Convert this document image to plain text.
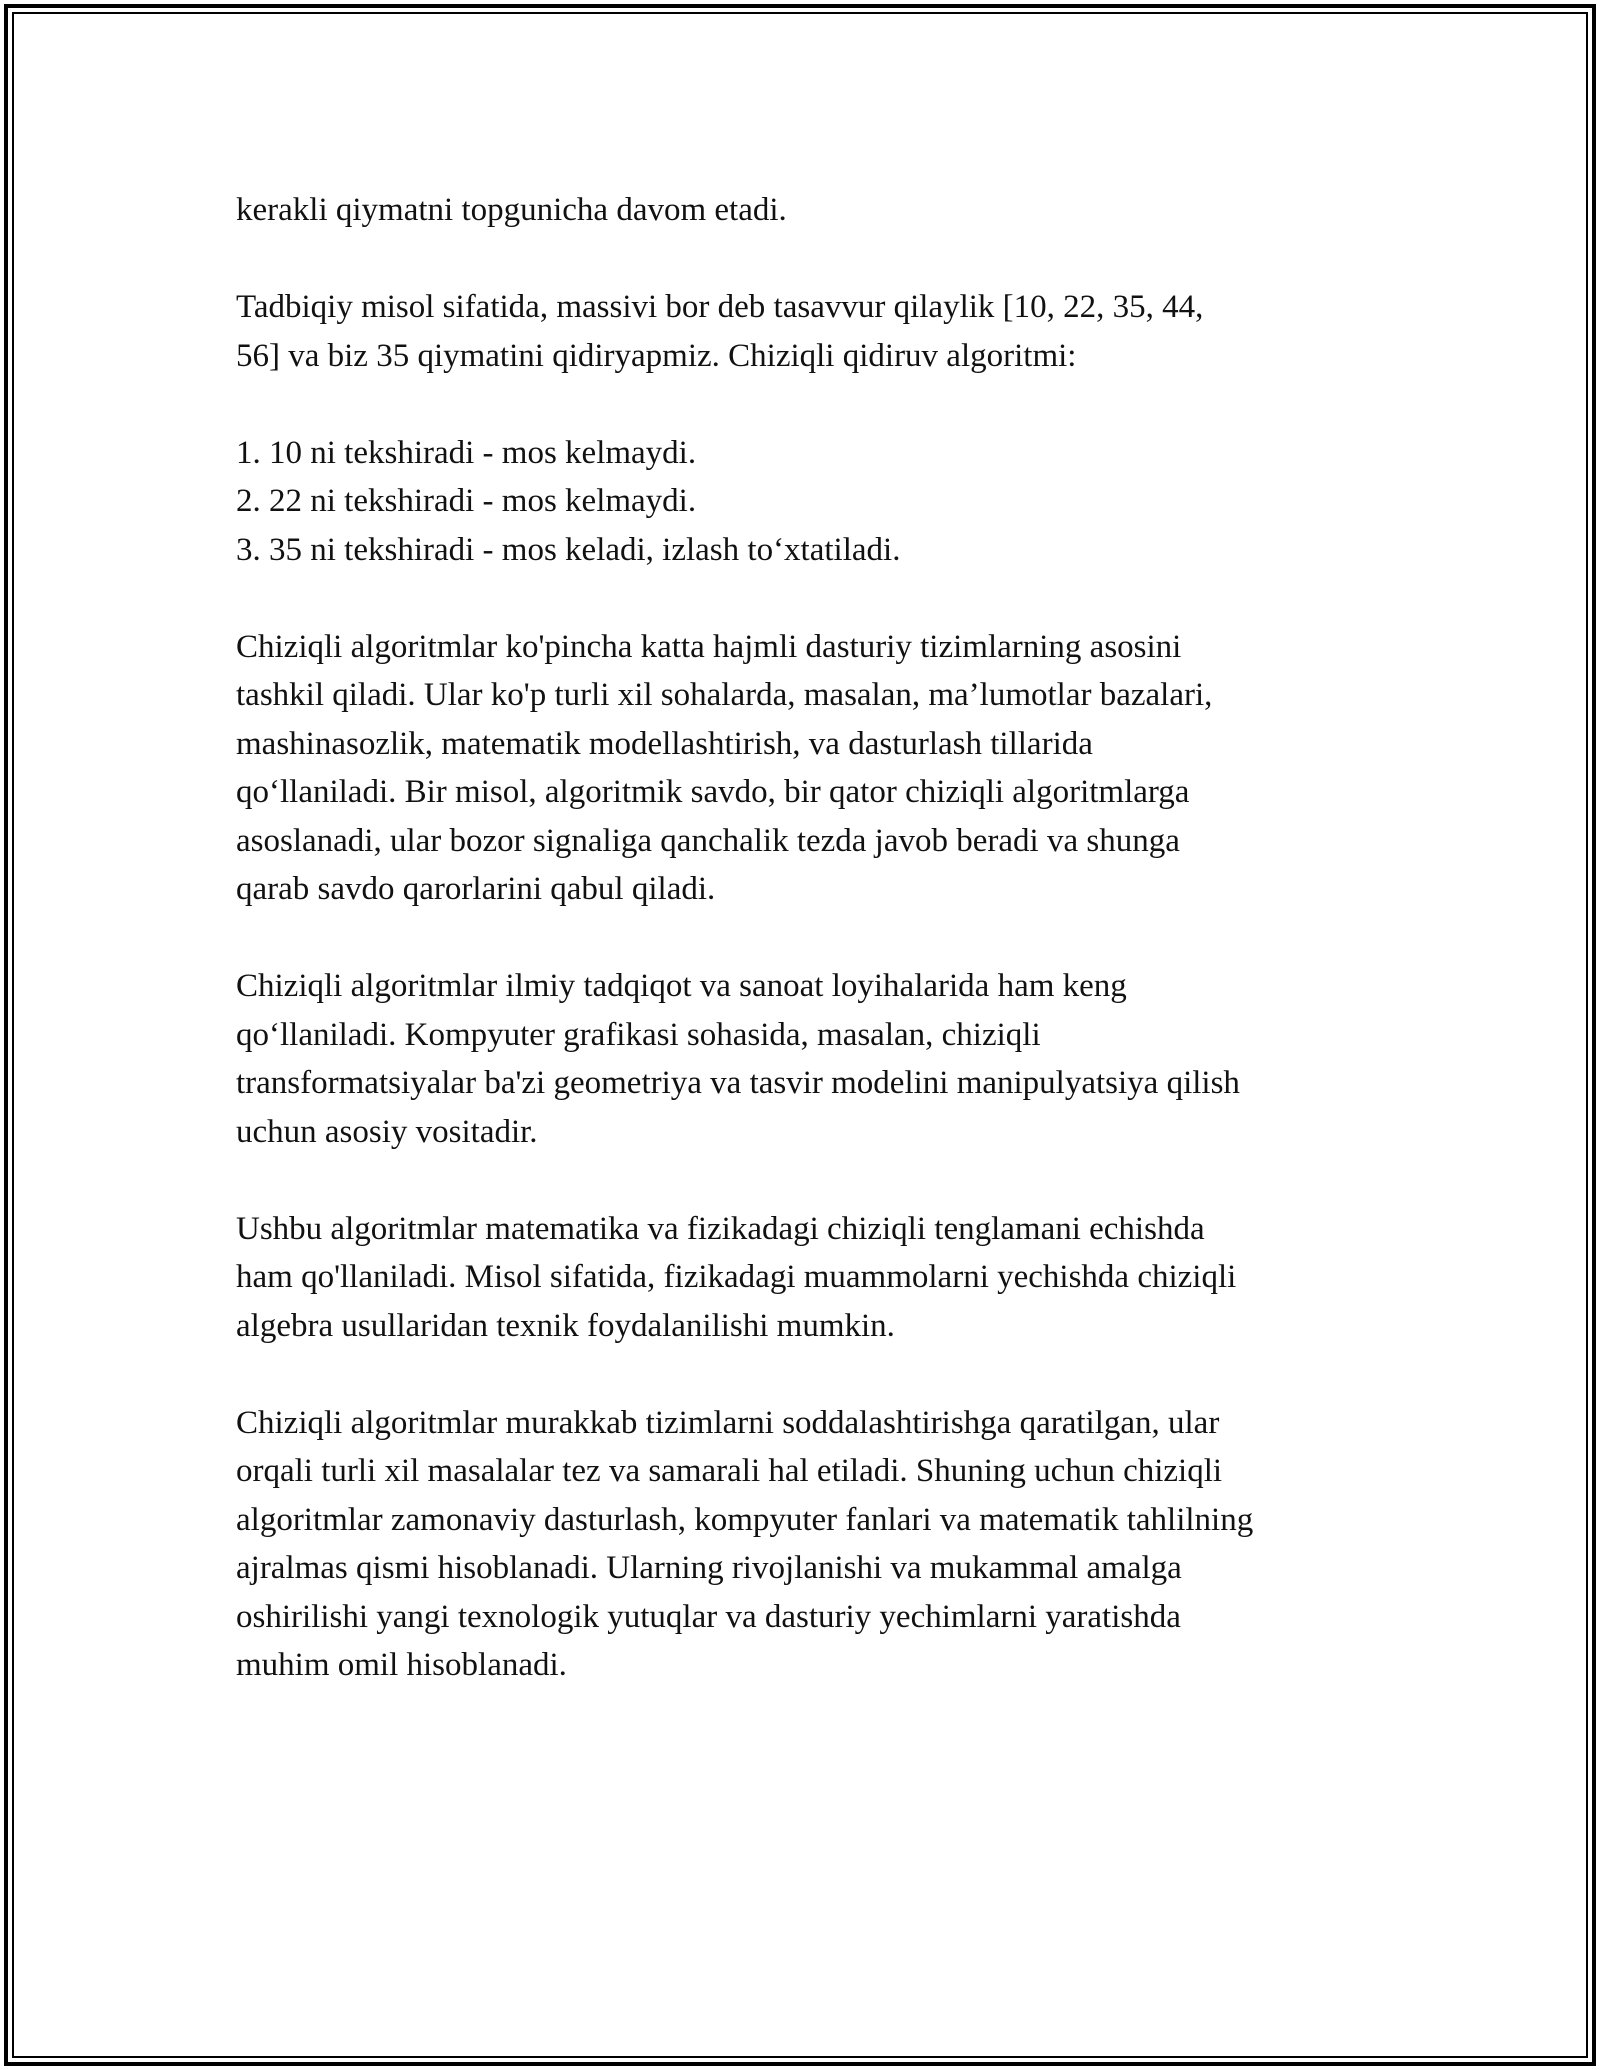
kerakli qiymatni topgunicha davom etadi.

Tadbiqiy misol sifatida, massivi bor deb tasavvur qilaylik [10, 22, 35, 44,
56] va biz 35 qiymatini qidiryapmiz. Chiziqli qidiruv algoritmi:

1. 10 ni tekshiradi - mos kelmaydi.
2. 22 ni tekshiradi - mos kelmaydi.
3. 35 ni tekshiradi - mos keladi, izlash to‘xtatiladi.

Chiziqli algoritmlar ko'pincha katta hajmli dasturiy tizimlarning asosini
tashkil qiladi. Ular ko'p turli xil sohalarda, masalan, ma’lumotlar bazalari,
mashinasozlik, matematik modellashtirish, va dasturlash tillarida
qo‘llaniladi. Bir misol, algoritmik savdo, bir qator chiziqli algoritmlarga
asoslanadi, ular bozor signaliga qanchalik tezda javob beradi va shunga
qarab savdo qarorlarini qabul qiladi.

Chiziqli algoritmlar ilmiy tadqiqot va sanoat loyihalarida ham keng
qo‘llaniladi. Kompyuter grafikasi sohasida, masalan, chiziqli
transformatsiyalar ba'zi geometriya va tasvir modelini manipulyatsiya qilish
uchun asosiy vositadir.

Ushbu algoritmlar matematika va fizikadagi chiziqli tenglamani echishda
ham qo'llaniladi. Misol sifatida, fizikadagi muammolarni yechishda chiziqli
algebra usullaridan texnik foydalanilishi mumkin.

Chiziqli algoritmlar murakkab tizimlarni soddalashtirishga qaratilgan, ular
orqali turli xil masalalar tez va samarali hal etiladi. Shuning uchun chiziqli
algoritmlar zamonaviy dasturlash, kompyuter fanlari va matematik tahlilning
ajralmas qismi hisoblanadi. Ularning rivojlanishi va mukammal amalga
oshirilishi yangi texnologik yutuqlar va dasturiy yechimlarni yaratishda
muhim omil hisoblanadi.
